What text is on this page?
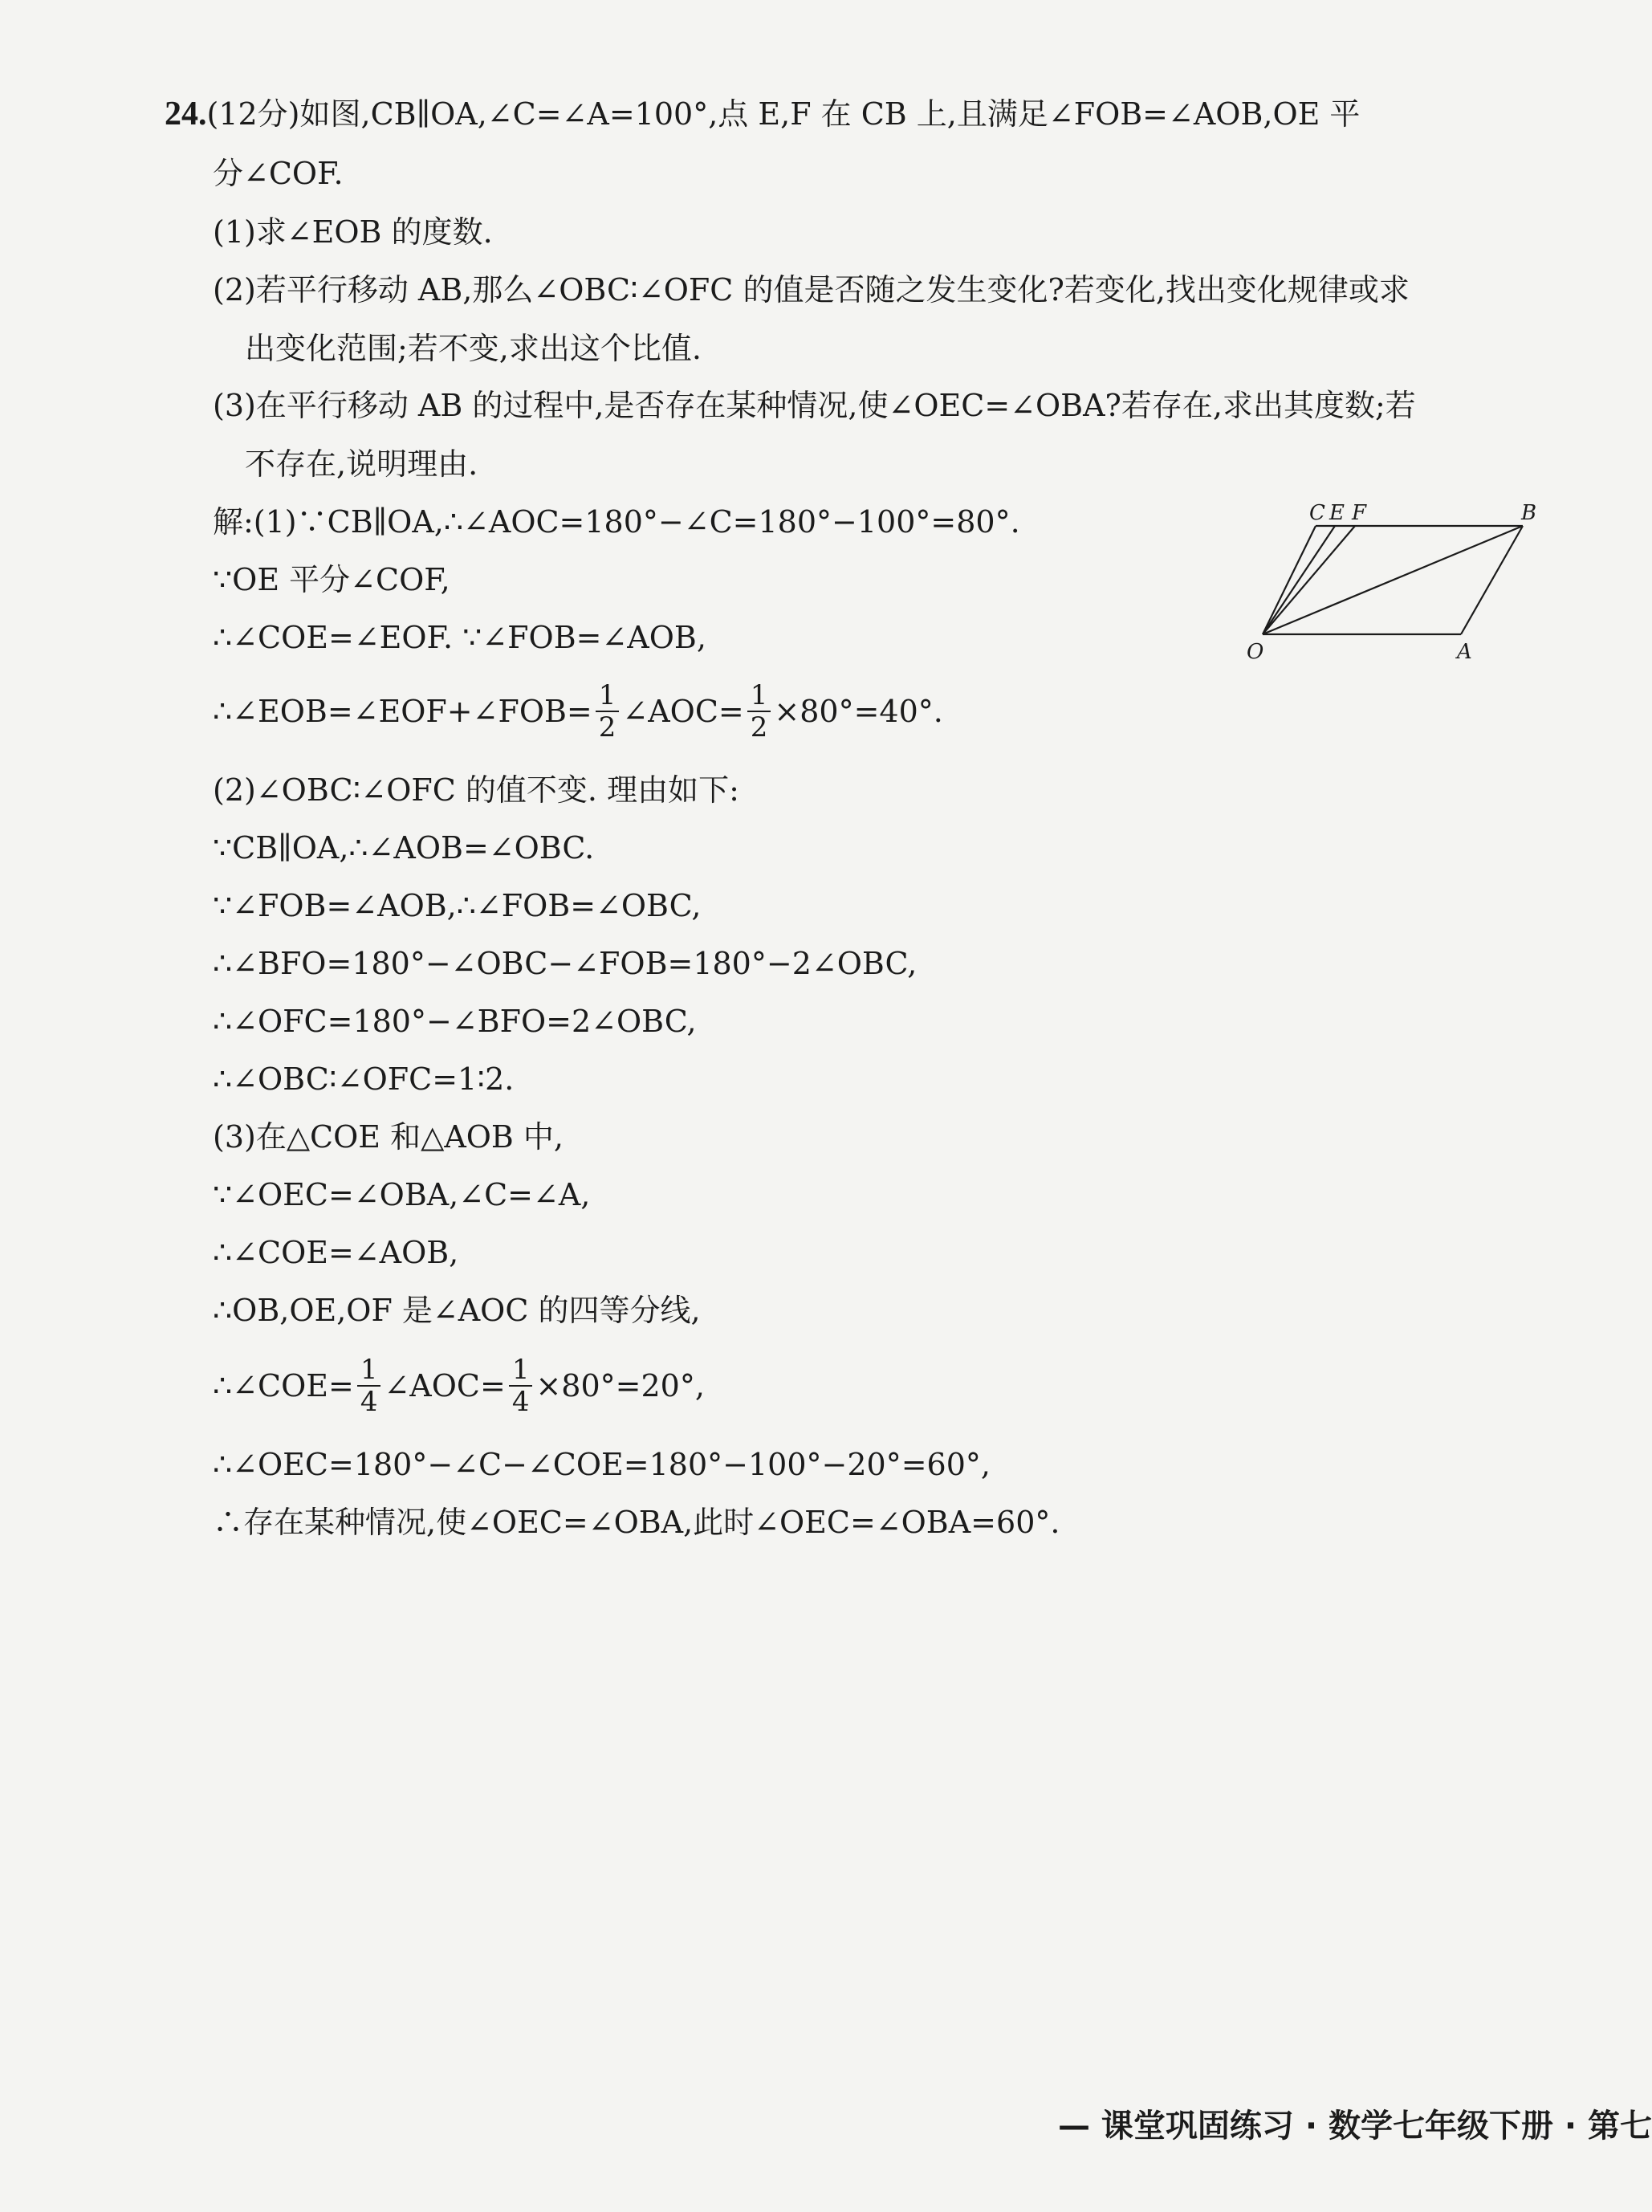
24.(12分)如图,CB∥OA,∠C=∠A=100°,点 E,F 在 CB 上,且满足∠FOB=∠AOB,OE 平
分∠COF.
(1)求∠EOB 的度数.
(2)若平行移动 AB,那么∠OBC∶∠OFC 的值是否随之发生变化?若变化,找出变化规律或求
出变化范围;若不变,求出这个比值.
(3)在平行移动 AB 的过程中,是否存在某种情况,使∠OEC=∠OBA?若存在,求出其度数;若
不存在,说明理由.
解:(1)∵CB∥OA,∴∠AOC=180°−∠C=180°−100°=80°.
∵OE 平分∠COF,
∴∠COE=∠EOF. ∵∠FOB=∠AOB,
∴∠EOB=∠EOF+∠FOB= $\frac{1}{2}$ ∠AOC= $\frac{1}{2} \times 80^\circ=40^\circ$.
(2)∠OBC∶∠OFC 的值不变. 理由如下:
∵CB∥OA,∴∠AOB=∠OBC.
∵∠FOB=∠AOB,∴∠FOB=∠OBC,
∴∠BFO=180°−∠OBC−∠FOB=180°−2∠OBC,
∴∠OFC=180°−∠BFO=2∠OBC,
∴∠OBC∶∠OFC=1∶2.
(3)在△COE 和△AOB 中,
∵∠OEC=∠OBA,∠C=∠A,
∴∠COE=∠AOB,
∴OB,OE,OF 是∠AOC 的四等分线,
∴∠COE= $\frac{1}{4}$ ∠AOC= $\frac{1}{4} \times 80^\circ=20^\circ$,
∴∠OEC=180°−∠C−∠COE=180°−100°−20°=60°,
∴存在某种情况,使∠OEC=∠OBA,此时∠OEC=∠OBA=60°.
C E F	B
O	A
— 课堂巩固练习 · 数学七年级下册 · 第七
